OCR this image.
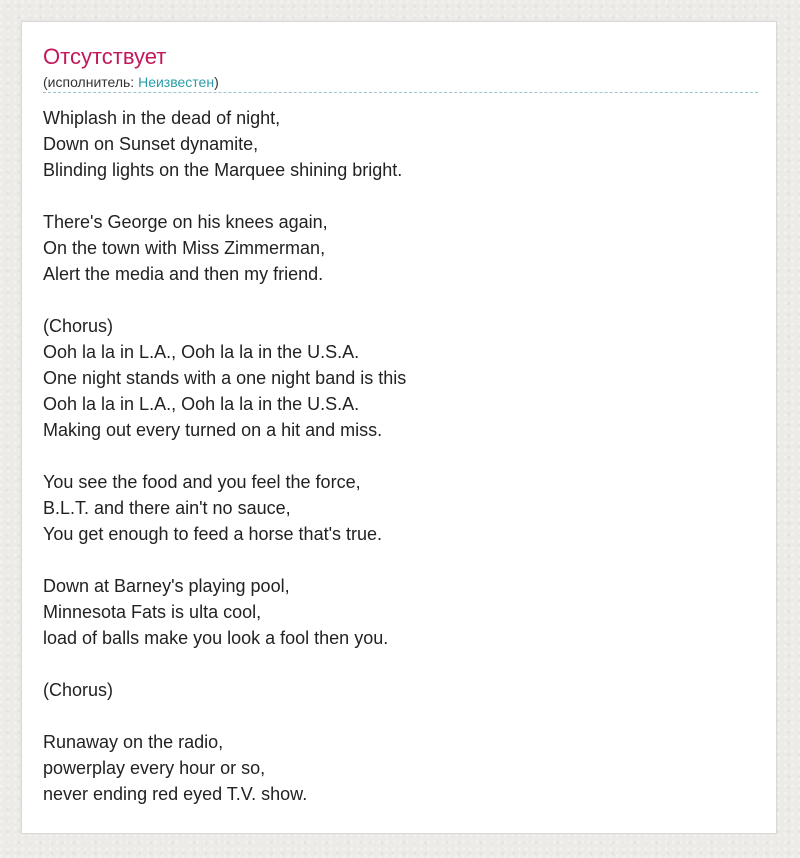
Отсутствует
(исполнитель: Неизвестен)
Whiplash in the dead of night,
Down on Sunset dynamite,
Blinding lights on the Marquee shining bright.
There's George on his knees again,
On the town with Miss Zimmerman,
Alert the media and then my friend.
(Chorus)
Ooh la la in L.A., Ooh la la in the U.S.A.
One night stands with a one night band is this
Ooh la la in L.A., Ooh la la in the U.S.A.
Making out every turned on a hit and miss.
You see the food and you feel the force,
B.L.T. and there ain't no sauce,
You get enough to feed a horse that's true.
Down at Barney's playing pool,
Minnesota Fats is ulta cool,
load of balls make you look a fool then you.
(Chorus)
Runaway on the radio,
powerplay every hour or so,
never ending red eyed T.V. show.
